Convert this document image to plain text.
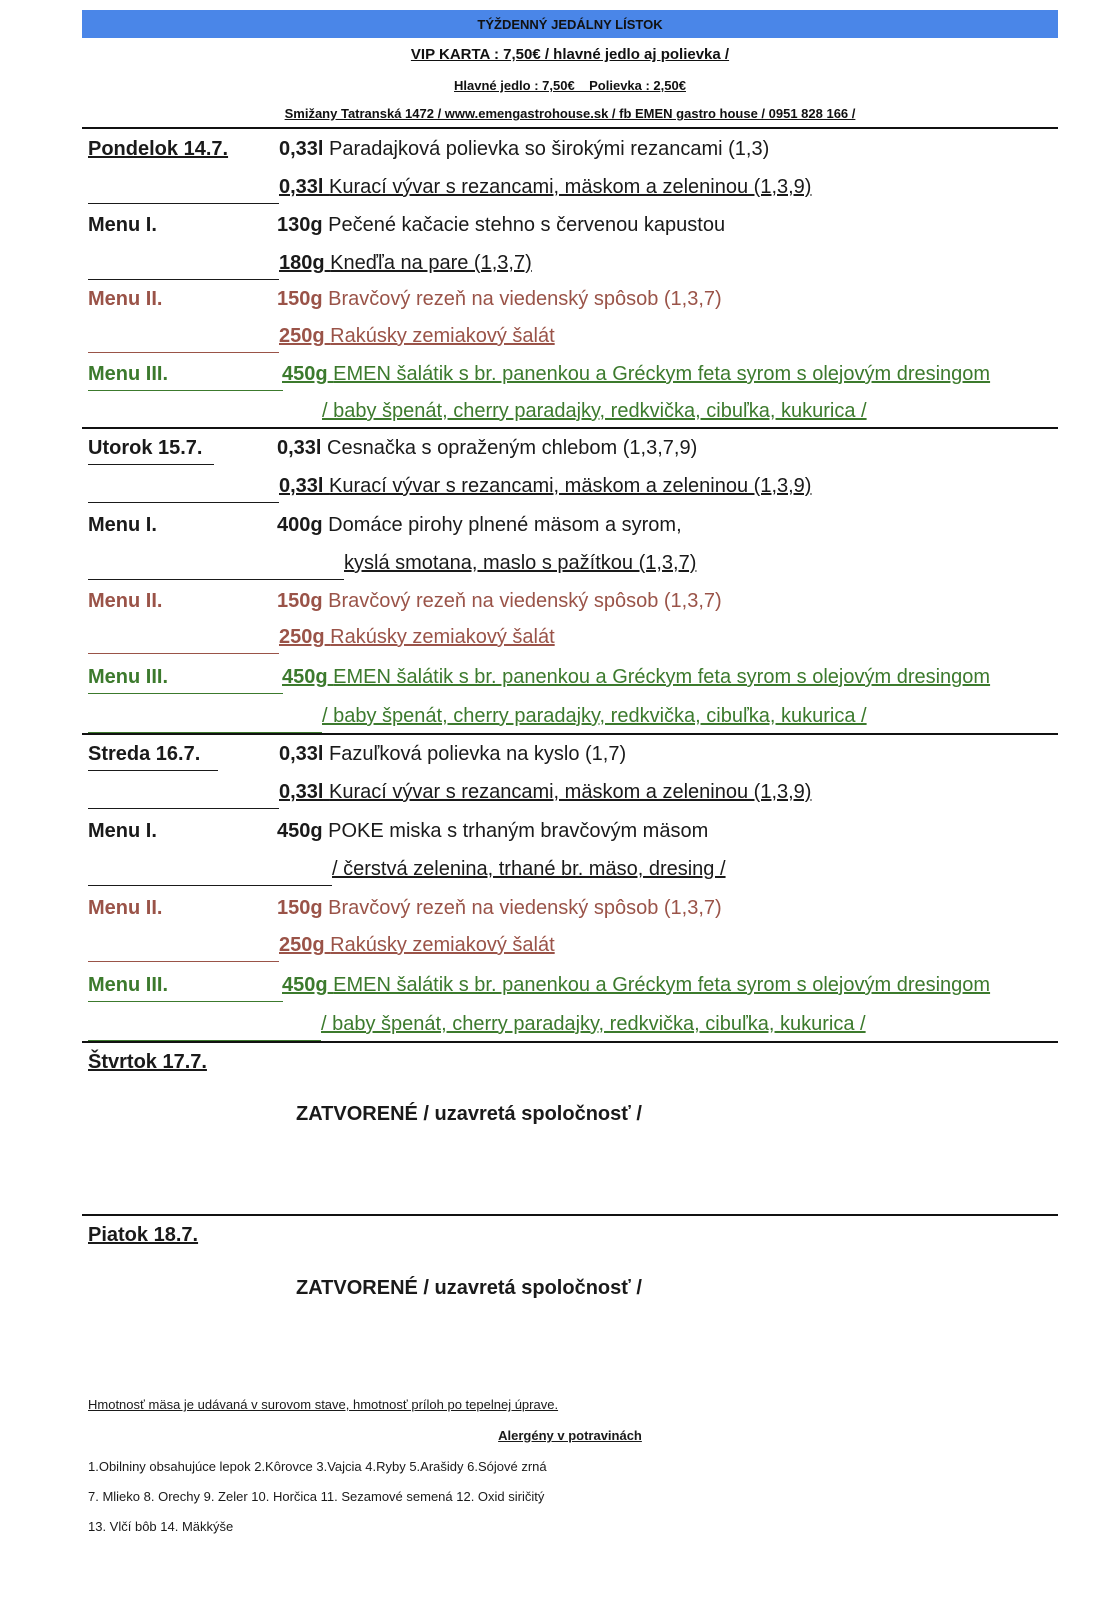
TÝŽDENNÝ JEDÁLNY LÍSTOK
VIP KARTA : 7,50€ / hlavné jedlo aj polievka /
Hlavné jedlo : 7,50€    Polievka : 2,50€
Smižany Tatranská 1472 / www.emengastrohouse.sk / fb EMEN gastro house / 0951 828 166 /
Pondelok 14.7.	0,33l Paradajková polievka so širokými rezancami (1,3)
0,33l Kurací vývar s rezancami, mäskom a zeleninou (1,3,9)
Menu I.	130g Pečené kačacie stehno s červenou kapustou
180g Kneďľa na pare (1,3,7)
Menu II.	150g Bravčový rezeň na viedenský spôsob (1,3,7)
250g Rakúsky zemiakový šalát
Menu III.	450g EMEN šalátik s br. panenkou a Gréckym feta syrom s olejovým dresingom
/ baby špenát, cherry paradajky, redkvička, cibuľka, kukurica /
Utorok 15.7.	0,33l Cesnačka s opraženým chlebom (1,3,7,9)
0,33l Kurací vývar s rezancami, mäskom a zeleninou (1,3,9)
Menu I.	400g Domáce pirohy plnené mäsom a syrom,
kyslá smotana, maslo s pažítkou (1,3,7)
Menu II.	150g Bravčový rezeň na viedenský spôsob (1,3,7)
250g Rakúsky zemiakový šalát
Menu III.	450g EMEN šalátik s br. panenkou a Gréckym feta syrom s olejovým dresingom
/ baby špenát, cherry paradajky, redkvička, cibuľka, kukurica /
Streda 16.7.	0,33l Fazuľková polievka na kyslo (1,7)
0,33l Kurací vývar s rezancami, mäskom a zeleninou (1,3,9)
Menu I.	450g POKE miska s trhaným bravčovým mäsom
/ čerstvá zelenina, trhané br. mäso, dresing /
Menu II.	150g Bravčový rezeň na viedenský spôsob (1,3,7)
250g Rakúsky zemiakový šalát
Menu III.	450g EMEN šalátik s br. panenkou a Gréckym feta syrom s olejovým dresingom
/ baby špenát, cherry paradajky, redkvička, cibuľka, kukurica /
Štvrtok 17.7.
ZATVORENÉ / uzavretá spoločnosť /
Piatok 18.7.
ZATVORENÉ / uzavretá spoločnosť /
Hmotnosť mäsa je udávaná v surovom stave, hmotnosť príloh po tepelnej úprave.
Alergény v potravinách
1.Obilniny obsahujúce lepok 2.Kôrovce 3.Vajcia 4.Ryby 5.Arašidy 6.Sójové zrná
7. Mlieko 8. Orechy 9. Zeler 10. Horčica 11. Sezamové semená 12. Oxid siričitý
13. Vlčí bôb 14. Mäkkýše
